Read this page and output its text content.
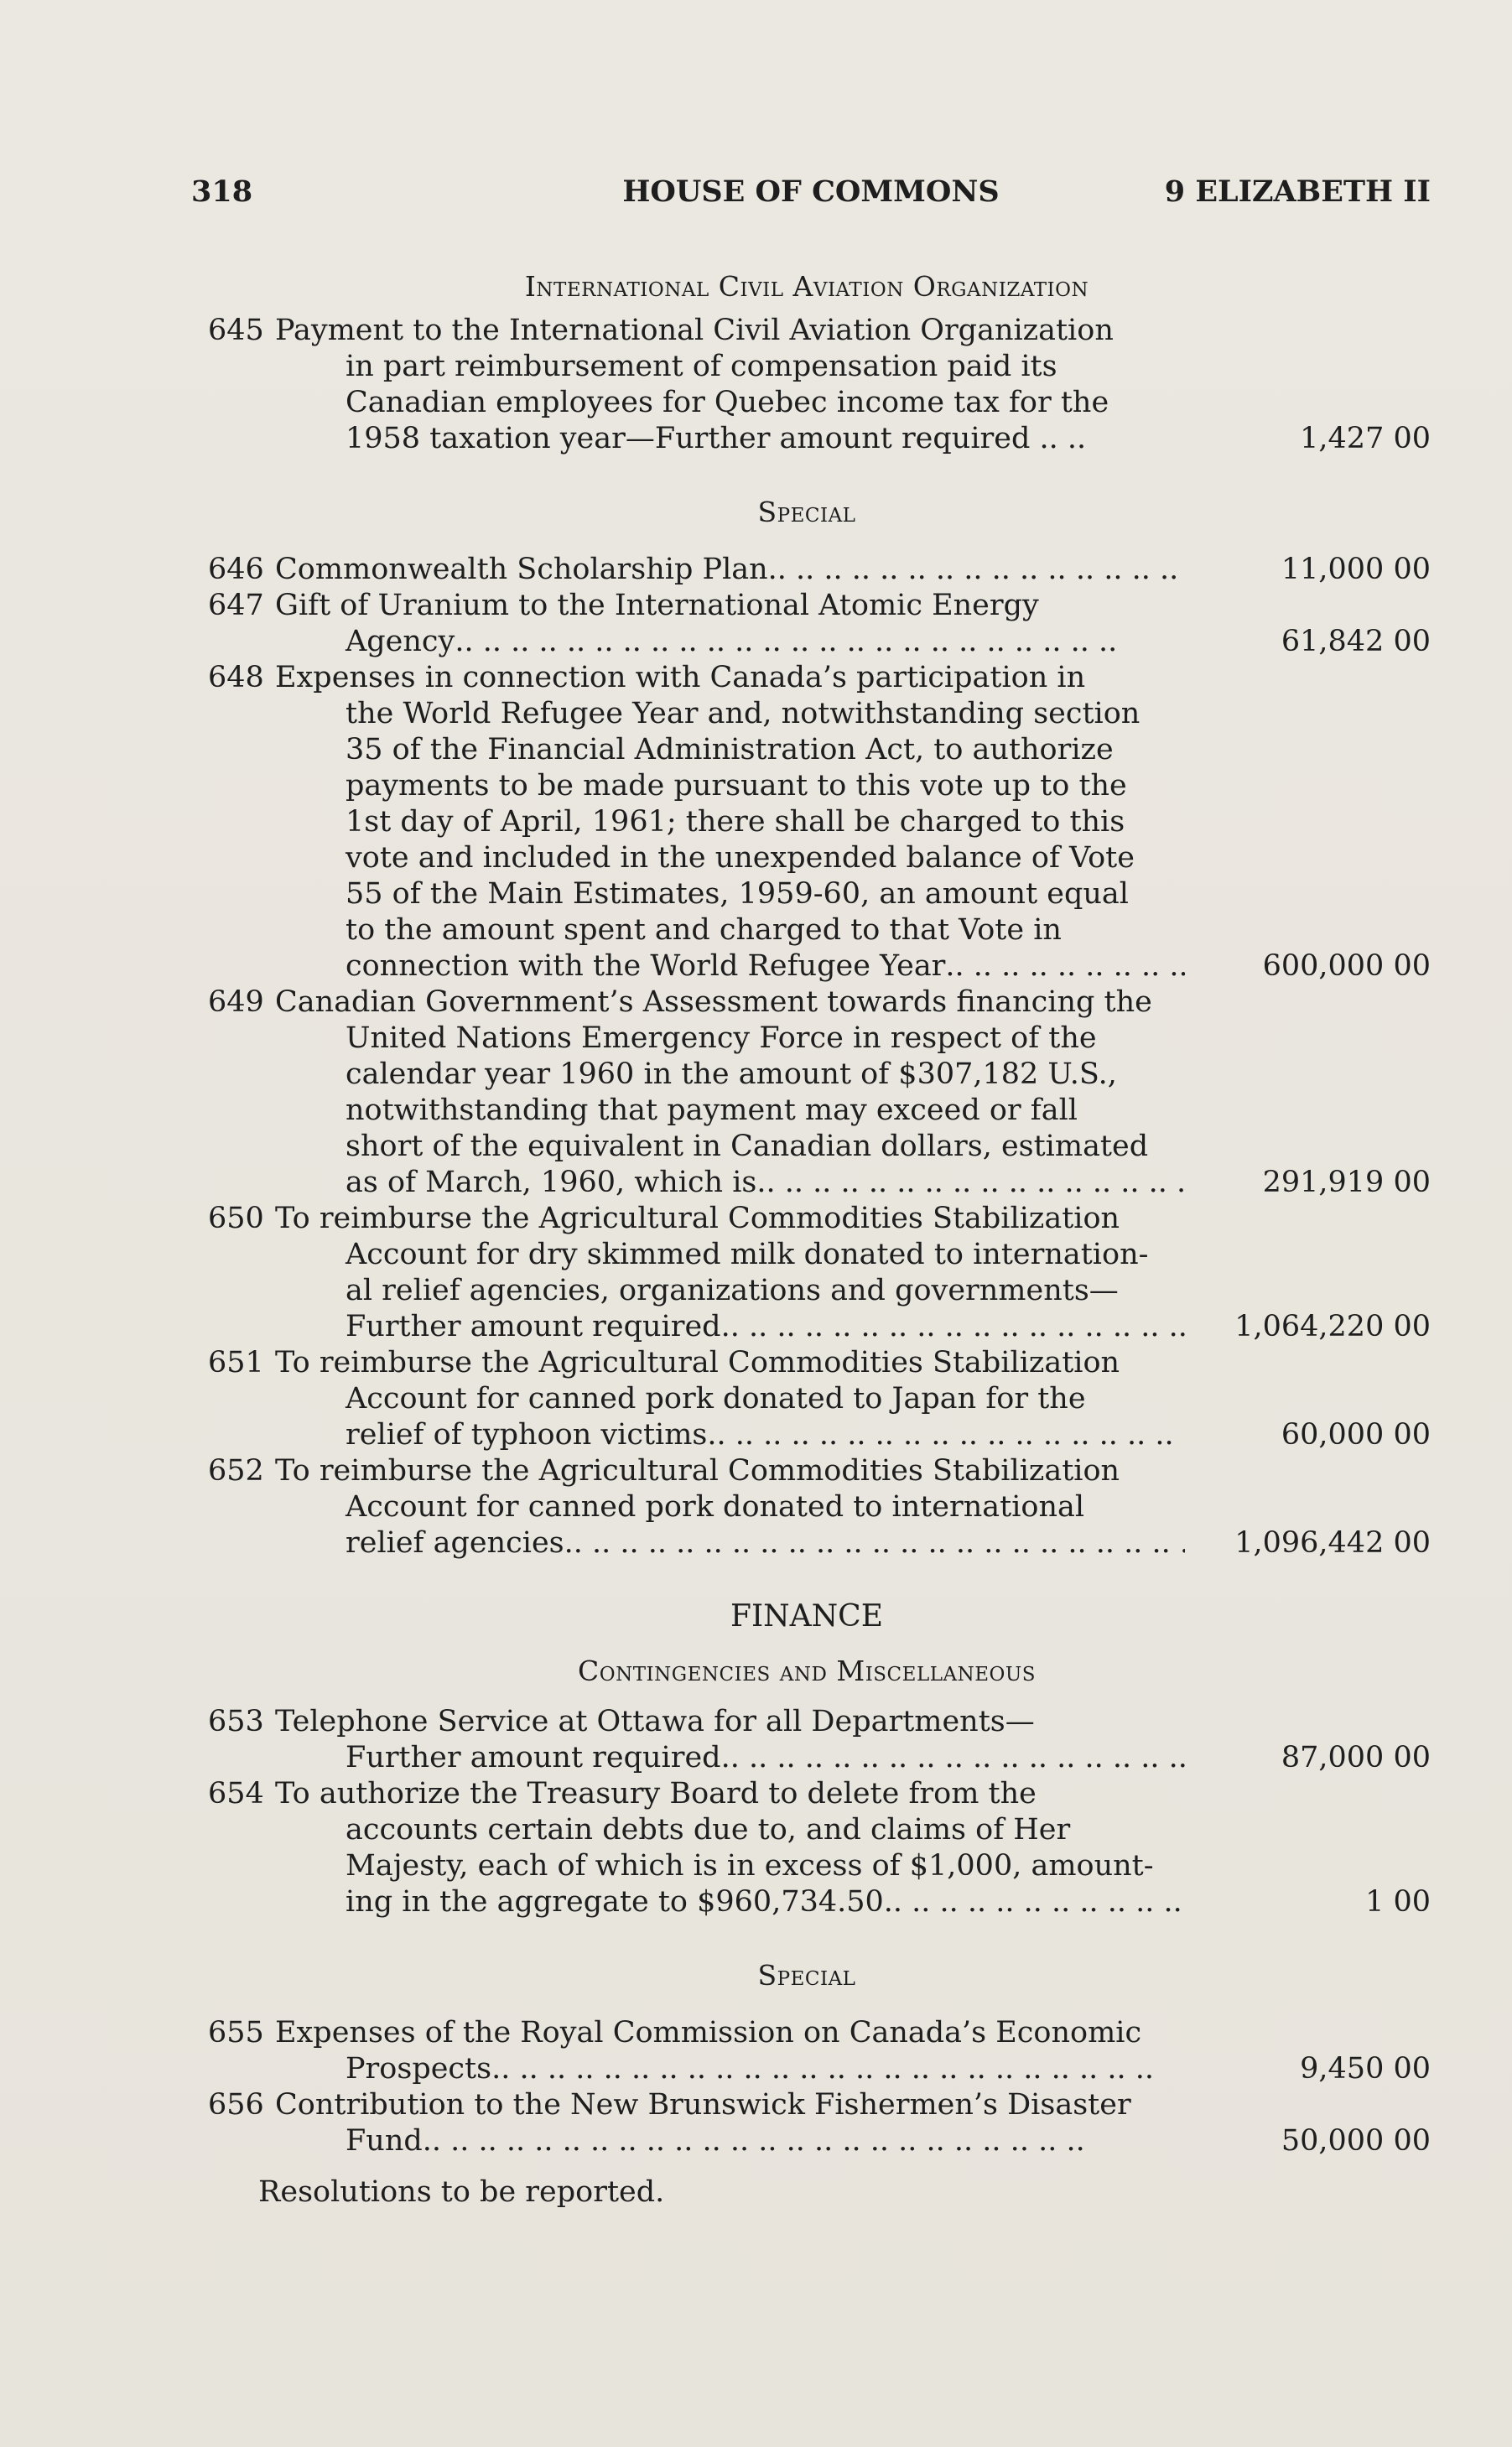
318	HOUSE OF COMMONS	9 ELIZABETH II
International Civil Aviation Organization
645 Payment to the International Civil Aviation Organization
in part reimbursement of compensation paid its
Canadian employees for Quebec income tax for the
1958 taxation year—Further amount required .. ..	1,427 00
Special
646 Commonwealth Scholarship Plan .. ..	11,000 00
647 Gift of Uranium to the International Atomic Energy
Agency .. ..	61,842 00
648 Expenses in connection with Canada’s participation in
the World Refugee Year and, notwithstanding section
35 of the Financial Administration Act, to authorize
payments to be made pursuant to this vote up to the
1st day of April, 1961; there shall be charged to this
vote and included in the unexpended balance of Vote
55 of the Main Estimates, 1959-60, an amount equal
to the amount spent and charged to that Vote in
connection with the World Refugee Year .. ..	600,000 00
649 Canadian Government’s Assessment towards financing the
United Nations Emergency Force in respect of the
calendar year 1960 in the amount of $307,182 U.S.,
notwithstanding that payment may exceed or fall
short of the equivalent in Canadian dollars, estimated
as of March, 1960, which is .. ..	291,919 00
650 To reimburse the Agricultural Commodities Stabilization
Account for dry skimmed milk donated to internation-
al relief agencies, organizations and governments—
Further amount required .. ..	1,064,220 00
651 To reimburse the Agricultural Commodities Stabilization
Account for canned pork donated to Japan for the
relief of typhoon victims .. ..	60,000 00
652 To reimburse the Agricultural Commodities Stabilization
Account for canned pork donated to international
relief agencies .. ..	1,096,442 00
FINANCE
Contingencies and Miscellaneous
653 Telephone Service at Ottawa for all Departments—
Further amount required .. ..	87,000 00
654 To authorize the Treasury Board to delete from the
accounts certain debts due to, and claims of Her
Majesty, each of which is in excess of $1,000, amount-
ing in the aggregate to $960,734.50 .. ..	1 00
Special
655 Expenses of the Royal Commission on Canada’s Economic
Prospects .. ..	9,450 00
656 Contribution to the New Brunswick Fishermen’s Disaster
Fund .. ..	50,000 00
Resolutions to be reported.
